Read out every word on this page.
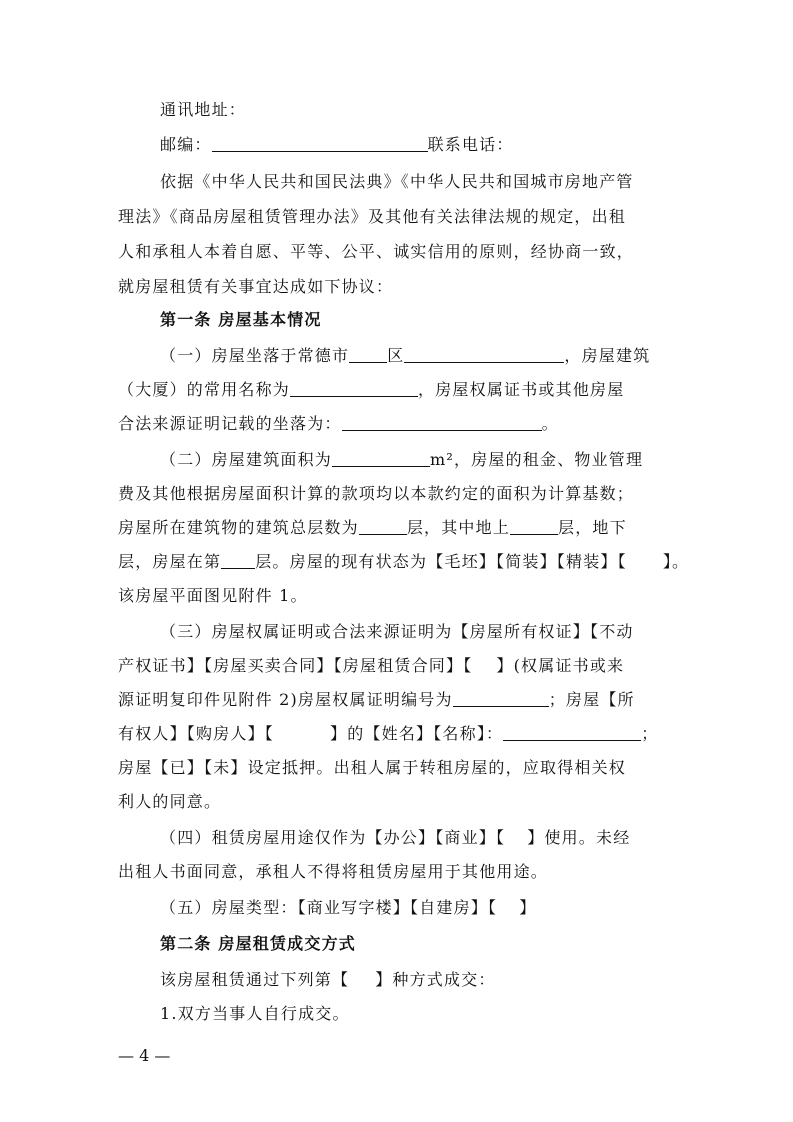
通讯地址：
邮编：	联系电话：
依据《中华人民共和国民法典》《中华人民共和国城市房地产管
理法》《商品房屋租赁管理办法》及其他有关法律法规的规定，出租
人和承租人本着自愿、平等、公平、诚实信用的原则，经协商一致，
就房屋租赁有关事宜达成如下协议：
第一条 房屋基本情况
（一）房屋坐落于常德市 区	，房屋建筑
（大厦）的常用名称为	，房屋权属证书或其他房屋
合法来源证明记载的坐落为：	。
（二）房屋建筑面积为	m²，房屋的租金、物业管理
费及其他根据房屋面积计算的款项均以本款约定的面积为计算基数；
房屋所在建筑物的建筑总层数为	层，其中地上	层，地下
层，房屋在第 层。房屋的现有状态为【毛坯】【简装】【精装】【 】。
该房屋平面图见附件 1。
（三）房屋权属证明或合法来源证明为【房屋所有权证】【不动
产权证书】【房屋买卖合同】【房屋租赁合同】【 】(权属证书或来
源证明复印件见附件 2)房屋权属证明编号为	；房屋【所
有权人】【购房人】【	】的【姓名】【名称】：	；
房屋【已】【未】设定抵押。出租人属于转租房屋的，应取得相关权
利人的同意。
（四）租赁房屋用途仅作为【办公】【商业】【 】使用。未经
出租人书面同意，承租人不得将租赁房屋用于其他用途。
（五）房屋类型：【商业写字楼】【自建房】【 】
第二条 房屋租赁成交方式
该房屋租赁通过下列第【 】种方式成交：
1.双方当事人自行成交。
— 4 —
